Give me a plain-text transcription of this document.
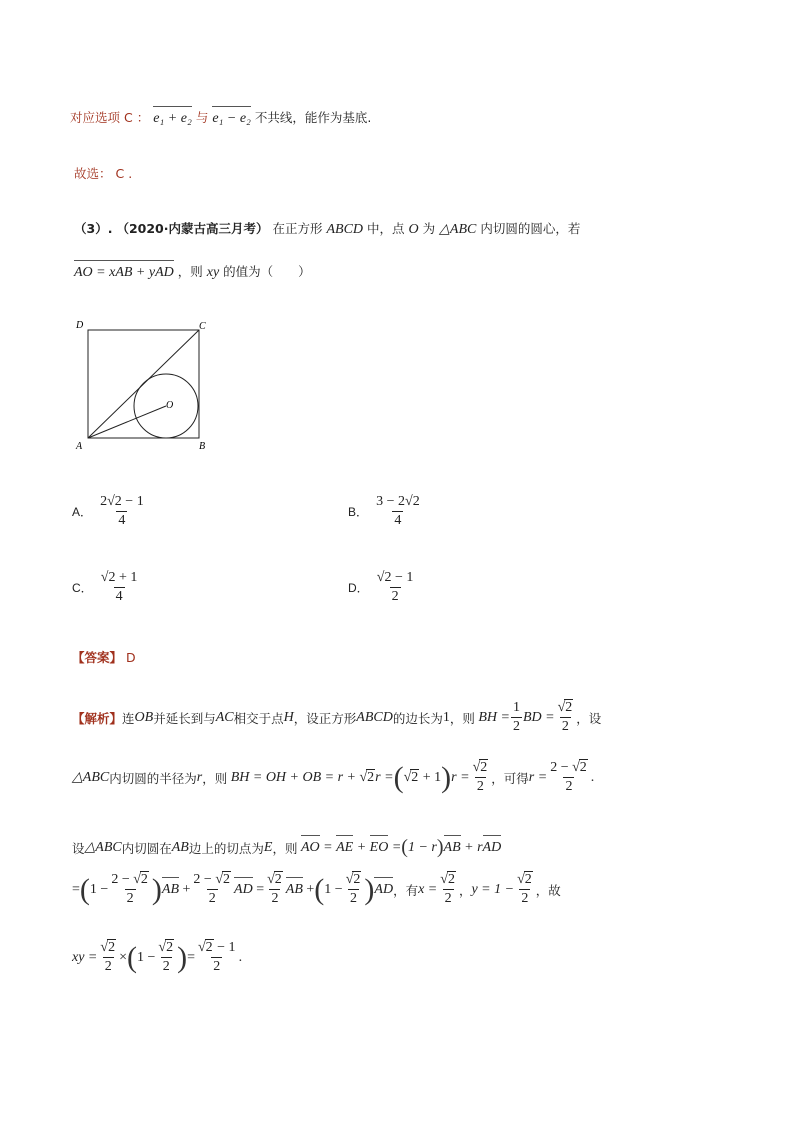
对应选项 C ： e₁ + e₂ 与 e₁ − e₂ 不共线，能作为基底.
故选： C .
（3）. （2020·内蒙古高三月考） 在正方形 ABCD 中，点 O 为 △ABC 内切圆的圆心，若
AO = xAB + yAD ，则 xy 的值为（　　）
D	C
A	B
O
A． $\frac{2√2 - 1}{4}$	B． $\frac{3 - 2√2}{4}$
C． $\frac{√2 + 1}{4}$	D． $\frac{√2 - 1}{2}$
【答案】 D
【解析】 连 OB 并延长到与 AC 相交于点 H ，设正方形 ABCD 的边长为 1 ，则 BH = $\frac{1}{2}$ BD = $\frac{√2}{2}$ ，设
△ABC 内切圆的半径为 r ，则 BH = OH + OB = r + √2r = ( √2 + 1 ) $r = \frac{√2}{2}$ ，可得 $r = \frac{2 - √2}{2}$ .
设 △ABC 内切圆在 AB 边上的切点为 E ，则 AO = AE + EO = ( 1 − r ) AB + rAD
= ( $1 - \frac{2 - √2}{2}$ ) AB + $\frac{2 - √2}{2}$ AD = $\frac{√2}{2}$ AB + ( $1 - \frac{√2}{2}$ ) AD ，有 $x = \frac{√2}{2}$ ， $y = 1 - \frac{√2}{2}$ ，故
xy = $\frac{√2}{2}$ × ( $1 - \frac{√2}{2}$ ) = $\frac{√2 - 1}{2}$ .
